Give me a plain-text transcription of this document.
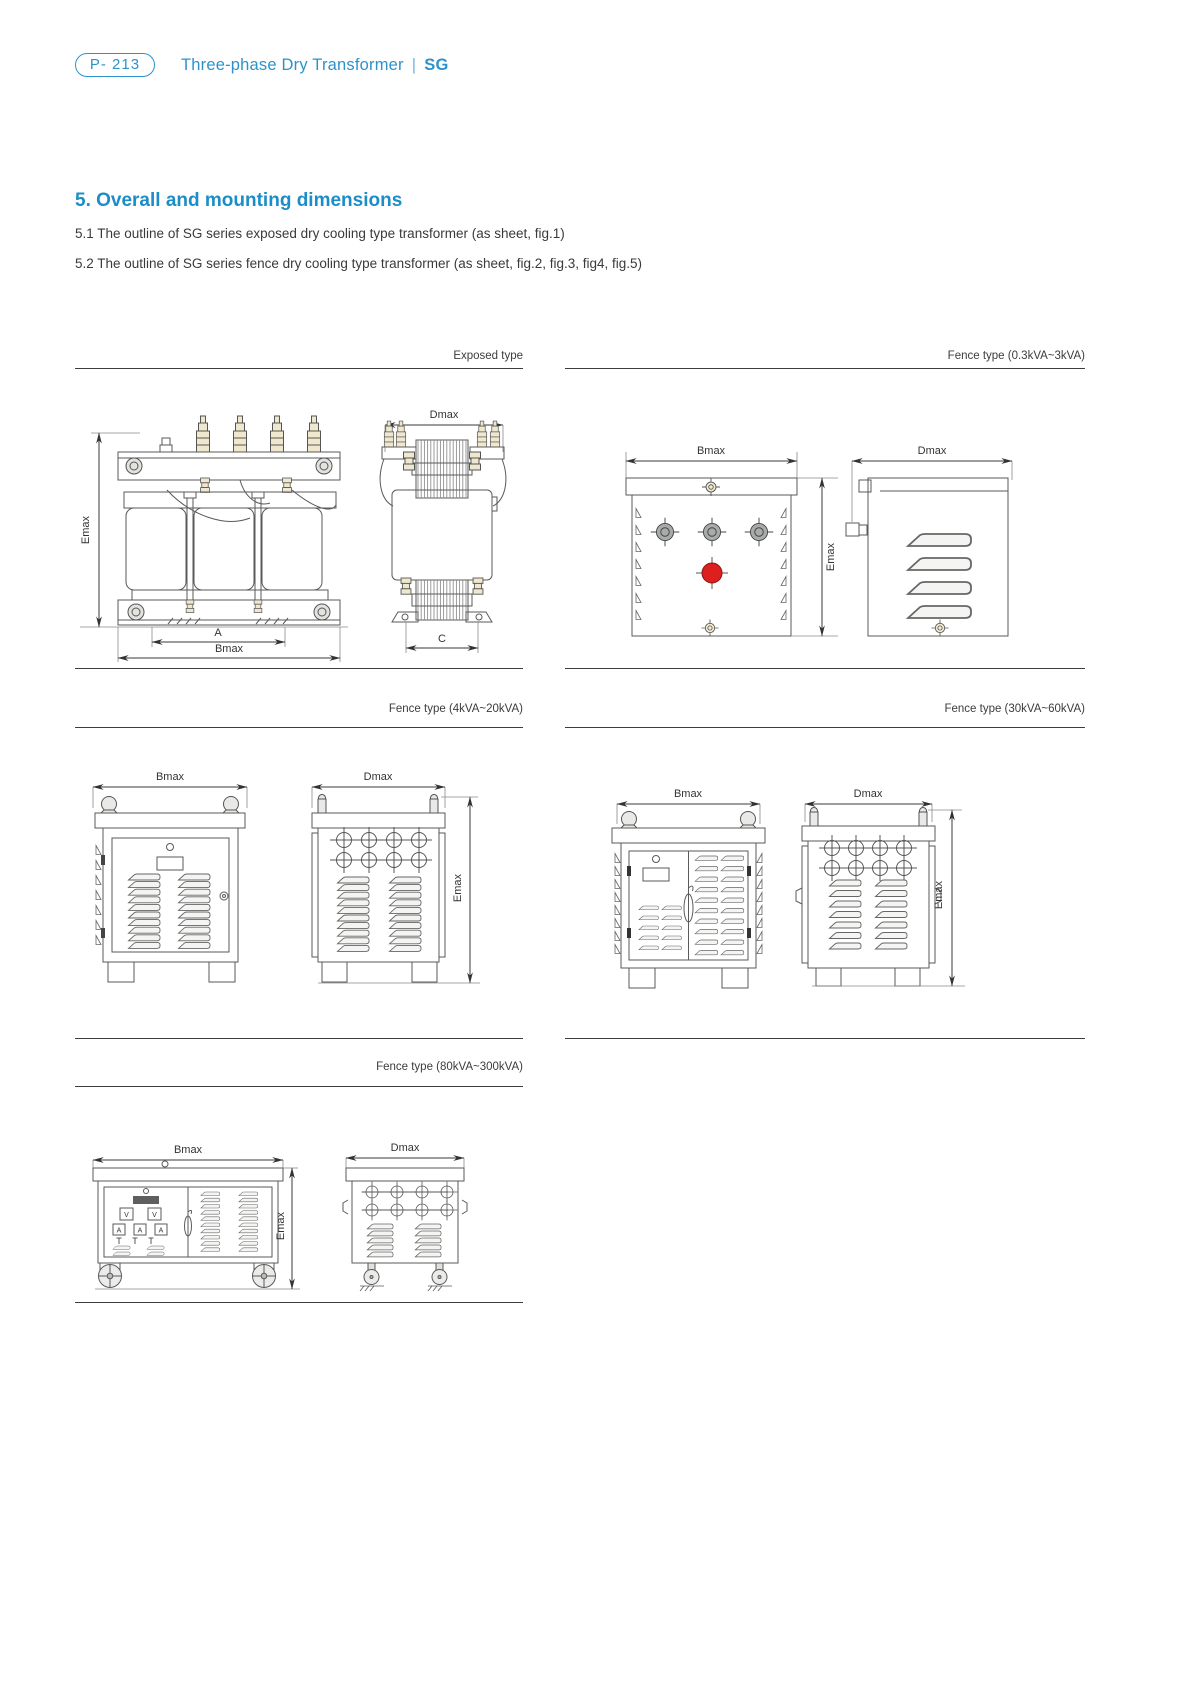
P- 213	Three-phase Dry Transformer | SG
5. Overall and mounting dimensions

5.1 The outline of SG series exposed dry cooling type transformer (as sheet, fig.1)

5.2 The outline of SG series fence dry cooling type transformer (as sheet, fig.2, fig.3, fig4, fig.5)

Exposed type	Fence type (0.3kVA~3kVA)
Fence type (4kVA~20kVA)	Fence type (30kVA~60kVA)
Fence type (80kVA~300kVA)
Emax
A
Bmax
Dmax
C
Bmax
Emax
Dmax
Bmax	Dmax
Emax
Bmax	Dmax
Emax
Bmax
V	V
A A A	Emax
Dmax
